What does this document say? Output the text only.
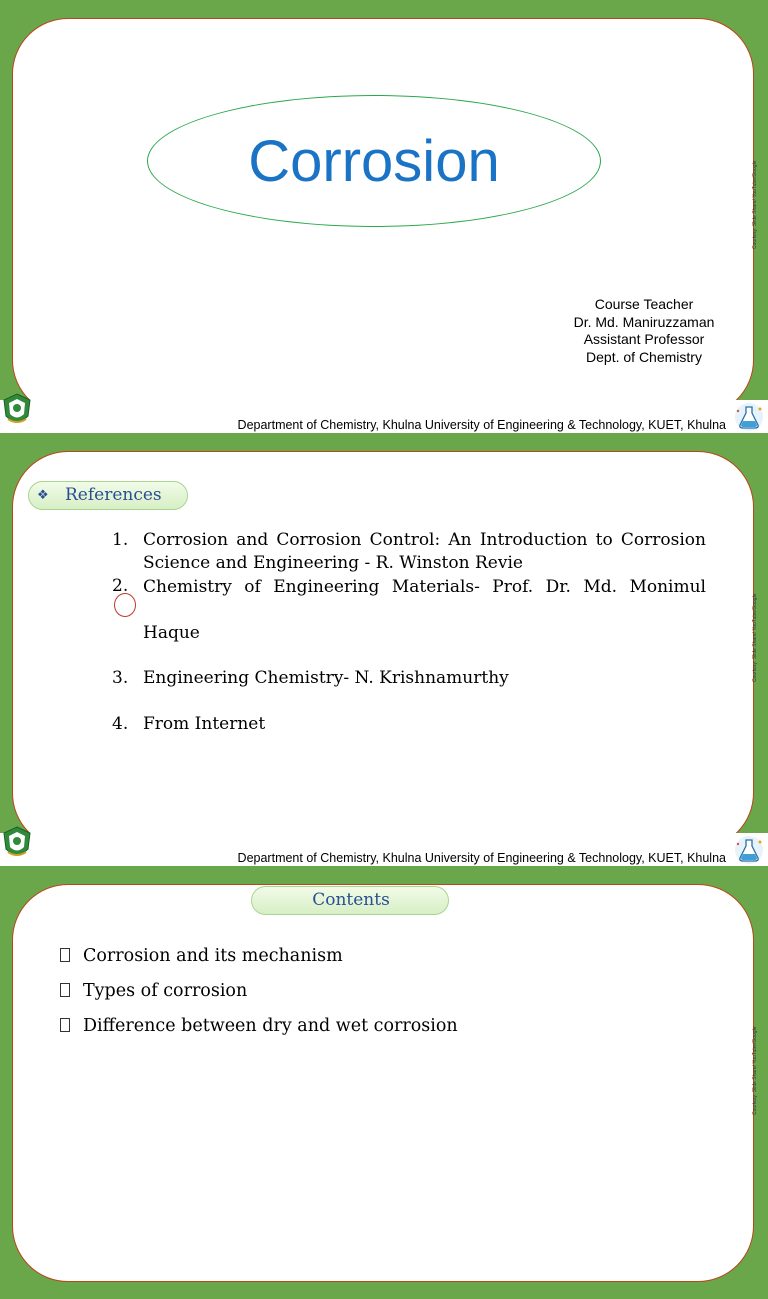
Corrosion
Course Teacher
Dr. Md. Maniruzzaman
Assistant Professor
Dept. of Chemistry
Courtesy: Slide Share/ YouTube/Google
Department of Chemistry, Khulna University of Engineering & Technology, KUET, Khulna
❖ References
1. Corrosion and Corrosion Control: An Introduction to Corrosion Science and Engineering - R. Winston Revie
2. Chemistry of Engineering Materials- Prof. Dr. Md. Monimul Haque
3. Engineering Chemistry- N. Krishnamurthy
4. From Internet
Courtesy: Slide Share/ YouTube/Google
Department of Chemistry, Khulna University of Engineering & Technology, KUET, Khulna
Contents
Corrosion and its mechanism
Types of corrosion
Difference between dry and wet corrosion
Courtesy: Slide Share/ YouTube/Google
